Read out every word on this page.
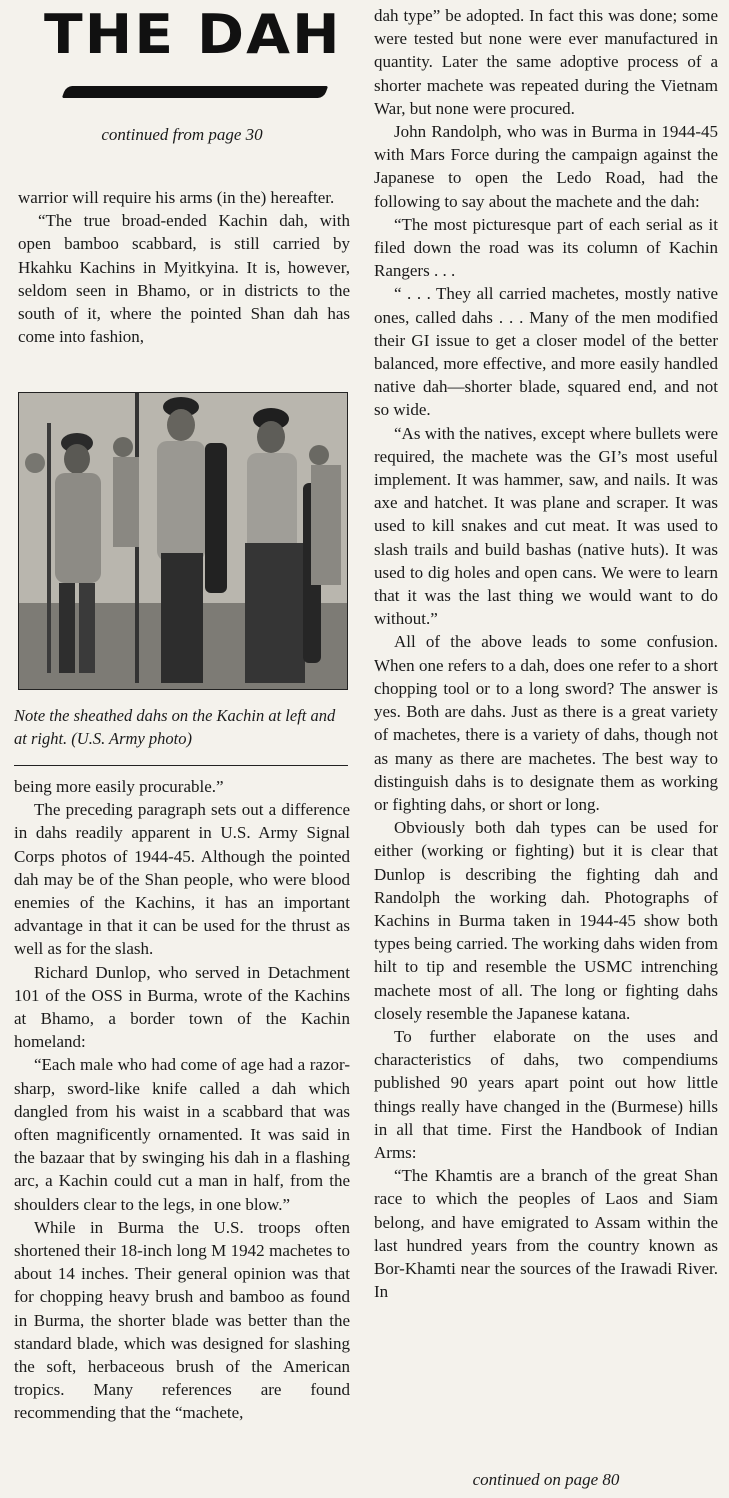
THE DAH
continued from page 30

warrior will require his arms (in the) hereafter.

“The true broad-ended Kachin dah, with open bamboo scabbard, is still carried by Hkahku Kachins in Myitkyina. It is, however, seldom seen in Bhamo, or in districts to the south of it, where the pointed Shan dah has come into fashion,

Note the sheathed dahs on the Kachin at left and at right. (U.S. Army photo)

being more easily procurable.”

The preceding paragraph sets out a difference in dahs readily apparent in U.S. Army Signal Corps photos of 1944-45. Although the pointed dah may be of the Shan people, who were blood enemies of the Kachins, it has an important advantage in that it can be used for the thrust as well as for the slash.

Richard Dunlop, who served in Detachment 101 of the OSS in Burma, wrote of the Kachins at Bhamo, a border town of the Kachin homeland:

“Each male who had come of age had a razor-sharp, sword-like knife called a dah which dangled from his waist in a scabbard that was often magnificently ornamented. It was said in the bazaar that by swinging his dah in a flashing arc, a Kachin could cut a man in half, from the shoulders clear to the legs, in one blow.”

While in Burma the U.S. troops often shortened their 18-inch long M 1942 machetes to about 14 inches. Their general opinion was that for chopping heavy brush and bamboo as found in Burma, the shorter blade was better than the standard blade, which was designed for slashing the soft, herbaceous brush of the American tropics. Many references are found recommending that the “machete,

dah type” be adopted. In fact this was done; some were tested but none were ever manufactured in quantity. Later the same adoptive process of a shorter machete was repeated during the Vietnam War, but none were procured.

John Randolph, who was in Burma in 1944-45 with Mars Force during the campaign against the Japanese to open the Ledo Road, had the following to say about the machete and the dah:

“The most picturesque part of each serial as it filed down the road was its column of Kachin Rangers . . .

“ . . . They all carried machetes, mostly native ones, called dahs . . . Many of the men modified their GI issue to get a closer model of the better balanced, more effective, and more easily handled native dah—shorter blade, squared end, and not so wide.

“As with the natives, except where bullets were required, the machete was the GI’s most useful implement. It was hammer, saw, and nails. It was axe and hatchet. It was plane and scraper. It was used to kill snakes and cut meat. It was used to slash trails and build bashas (native huts). It was used to dig holes and open cans. We were to learn that it was the last thing we would want to do without.”

All of the above leads to some confusion. When one refers to a dah, does one refer to a short chopping tool or to a long sword? The answer is yes. Both are dahs. Just as there is a great variety of machetes, there is a variety of dahs, though not as many as there are machetes. The best way to distinguish dahs is to designate them as working or fighting dahs, or short or long.

Obviously both dah types can be used for either (working or fighting) but it is clear that Dunlop is describing the fighting dah and Randolph the working dah. Photographs of Kachins in Burma taken in 1944-45 show both types being carried. The working dahs widen from hilt to tip and resemble the USMC intrenching machete most of all. The long or fighting dahs closely resemble the Japanese katana.

To further elaborate on the uses and characteristics of dahs, two compendiums published 90 years apart point out how little things really have changed in the (Burmese) hills in all that time. First the Handbook of Indian Arms:

“The Khamtis are a branch of the great Shan race to which the peoples of Laos and Siam belong, and have emigrated to Assam within the last hundred years from the country known as Bor-Khamti near the sources of the Irawadi River. In

continued on page 80
